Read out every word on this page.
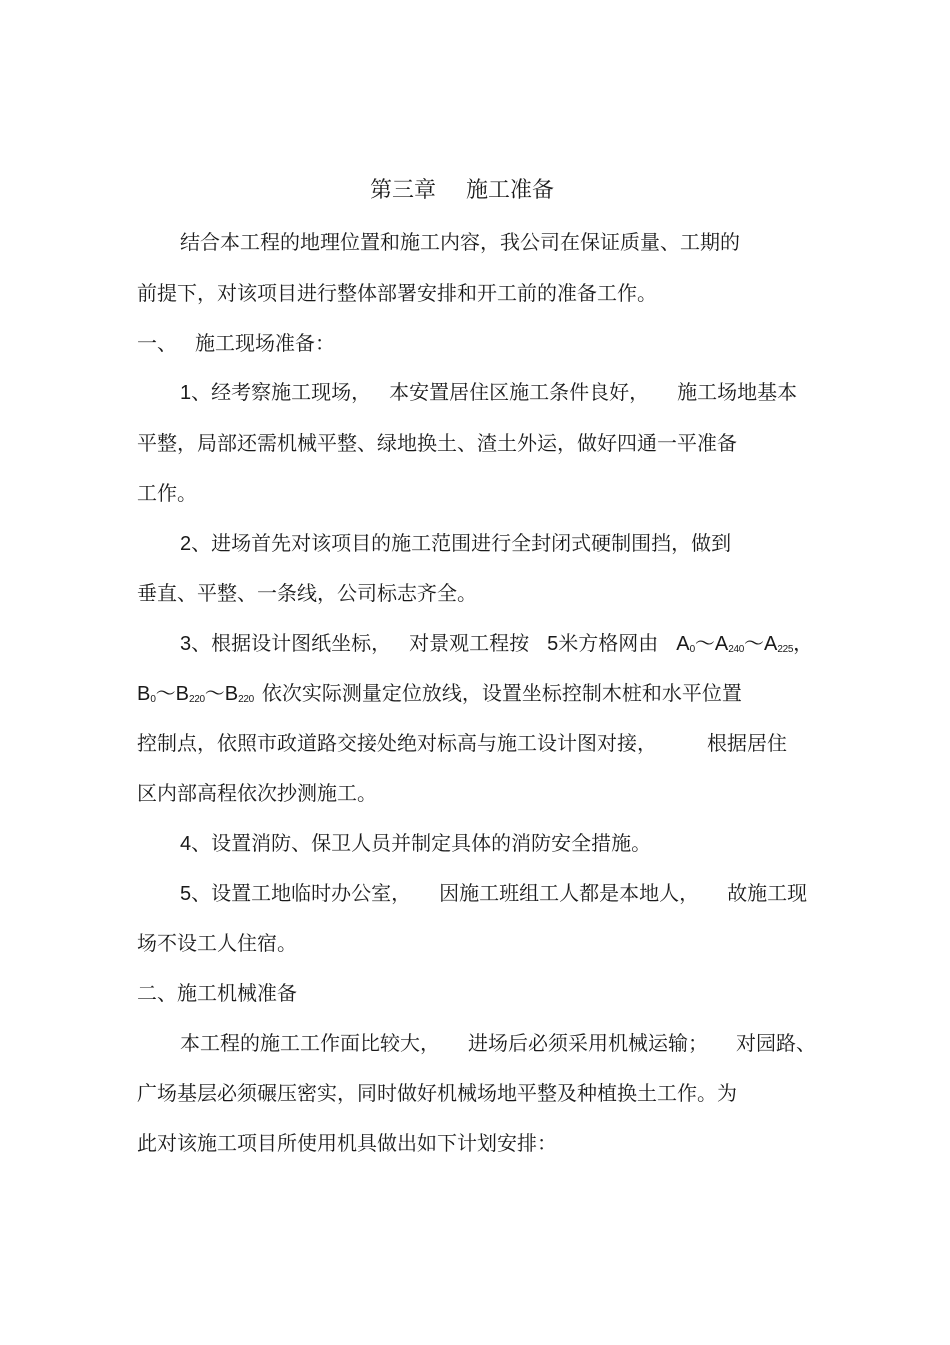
第三章 施工准备
结合本工程的地理位置和施工内容，我公司在保证质量、工期的
前提下，对该项目进行整体部署安排和开工前的准备工作。
一、 施工现场准备：
1、经考察施工现场， 本安置居住区施工条件良好， 施工场地基本
平整，局部还需机械平整、绿地换土、渣土外运，做好四通一平准备
工作。
2、进场首先对该项目的施工范围进行全封闭式硬制围挡，做到
垂直、平整、一条线，公司标志齐全。
3、根据设计图纸坐标， 对景观工程按 5米方格网由 $A_0\sim A_{240}\sim A_{225}$，
$B_0\sim B_{220}\sim B_{220}$ 依次实际测量定位放线，设置坐标控制木桩和水平位置
控制点，依照市政道路交接处绝对标高与施工设计图对接，	根据居住
区内部高程依次抄测施工。
4、设置消防、保卫人员并制定具体的消防安全措施。
5、设置工地临时办公室， 因施工班组工人都是本地人， 故施工现
场不设工人住宿。
二、施工机械准备
本工程的施工工作面比较大， 进场后必须采用机械运输； 对园路、
广场基层必须碾压密实，同时做好机械场地平整及种植换土工作。为
此对该施工项目所使用机具做出如下计划安排：
